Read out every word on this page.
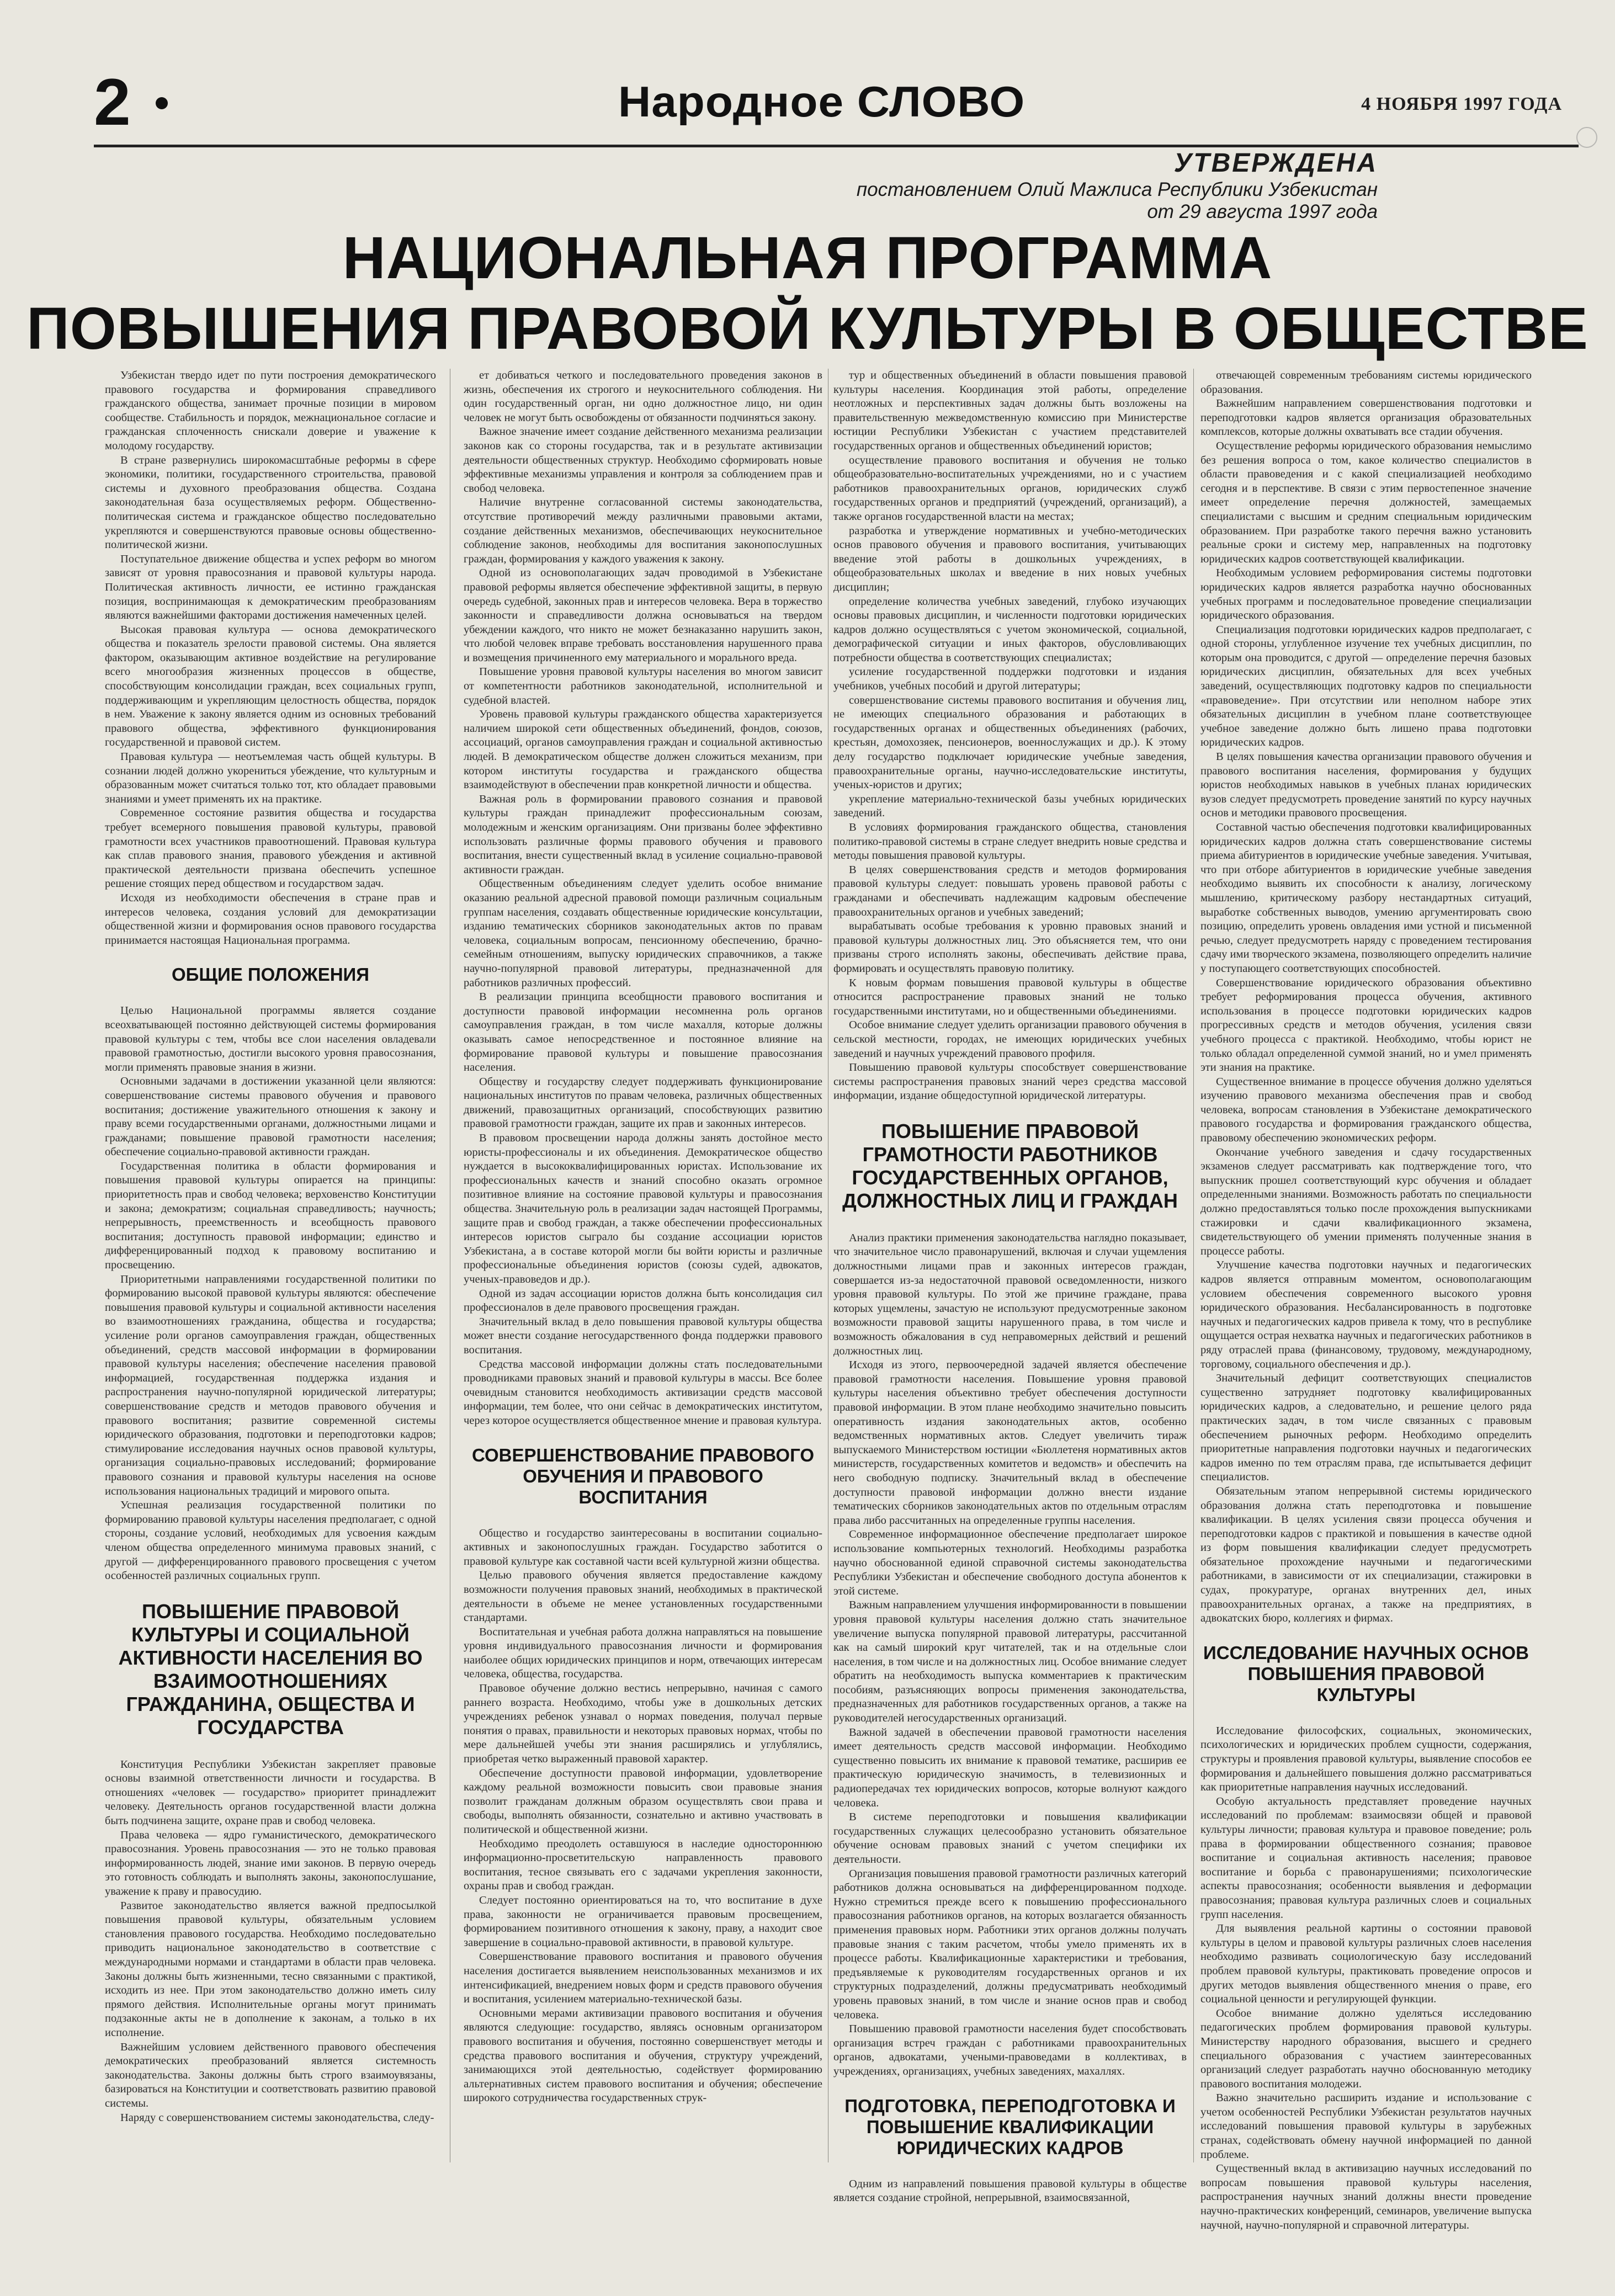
2	Народное СЛОВО	4 НОЯБРЯ 1997 ГОДА
УТВЕРЖДЕНА
постановлением Олий Мажлиса Республики Узбекистан
от 29 августа 1997 года
НАЦИОНАЛЬНАЯ ПРОГРАММА
ПОВЫШЕНИЯ ПРАВОВОЙ КУЛЬТУРЫ В ОБЩЕСТВЕ

Узбекистан твердо идет по пути построения демократического правового государства и формирования справедливого гражданского общества, занимает прочные позиции в мировом сообществе. Стабильность и порядок, межнациональное согласие и гражданская сплоченность снискали доверие и уважение к молодому государству.

В стране развернулись широкомасштабные реформы в сфере экономики, политики, государственного строительства, правовой системы и духовного преобразования общества. Создана законодательная база осуществляемых реформ. Общественно-политическая система и гражданское общество последовательно укрепляются и совершенствуются правовые основы общественно-политической жизни.

Поступательное движение общества и успех реформ во многом зависят от уровня правосознания и правовой культуры народа. Политическая активность личности, ее истинно гражданская позиция, воспринимающая к демократическим преобразованиям являются важнейшими факторами достижения намеченных целей.

Высокая правовая культура — основа демократического общества и показатель зрелости правовой системы. Она является фактором, оказывающим активное воздействие на регулирование всего многообразия жизненных процессов в обществе, способствующим консолидации граждан, всех социальных групп, поддерживающим и укрепляющим целостность общества, порядок в нем. Уважение к закону является одним из основных требований правового общества, эффективного функционирования государственной и правовой систем.

Правовая культура — неотъемлемая часть общей культуры. В сознании людей должно укорениться убеждение, что культурным и образованным может считаться только тот, кто обладает правовыми знаниями и умеет применять их на практике.

Современное состояние развития общества и государства требует всемерного повышения правовой культуры, правовой грамотности всех участников правоотношений. Правовая культура как сплав правового знания, правового убеждения и активной практической деятельности призвана обеспечить успешное решение стоящих перед обществом и государством задач.

Исходя из необходимости обеспечения в стране прав и интересов человека, создания условий для демократизации общественной жизни и формирования основ правового государства принимается настоящая Национальная программа.

ОБЩИЕ ПОЛОЖЕНИЯ

Целью Национальной программы является создание всеохватывающей постоянно действующей системы формирования правовой культуры с тем, чтобы все слои населения овладевали правовой грамотностью, достигли высокого уровня правосознания, могли применять правовые знания в жизни.

Основными задачами в достижении указанной цели являются: совершенствование системы правового обучения и правового воспитания; достижение уважительного отношения к закону и праву всеми государственными органами, должностными лицами и гражданами; повышение правовой грамотности населения; обеспечение социально-правовой активности граждан.

Государственная политика в области формирования и повышения правовой культуры опирается на принципы: приоритетность прав и свобод человека; верховенство Конституции и закона; демократизм; социальная справедливость; научность; непрерывность, преемственность и всеобщность правового воспитания; доступность правовой информации; единство и дифференцированный подход к правовому воспитанию и просвещению.

Приоритетными направлениями государственной политики по формированию высокой правовой культуры являются: обеспечение повышения правовой культуры и социальной активности населения во взаимоотношениях гражданина, общества и государства; усиление роли органов самоуправления граждан, общественных объединений, средств массовой информации в формировании правовой культуры населения; обеспечение населения правовой информацией, государственная поддержка издания и распространения научно-популярной юридической литературы; совершенствование средств и методов правового обучения и правового воспитания; развитие современной системы юридического образования, подготовки и переподготовки кадров; стимулирование исследования научных основ правовой культуры, организация социально-правовых исследований; формирование правового сознания и правовой культуры населения на основе использования национальных традиций и мирового опыта.

Успешная реализация государственной политики по формированию правовой культуры населения предполагает, с одной стороны, создание условий, необходимых для усвоения каждым членом общества определенного минимума правовых знаний, с другой — дифференцированного правового просвещения с учетом особенностей различных социальных групп.

ПОВЫШЕНИЕ ПРАВОВОЙ КУЛЬТУРЫ И СОЦИАЛЬНОЙ АКТИВНОСТИ НАСЕЛЕНИЯ ВО ВЗАИМООТНОШЕНИЯХ ГРАЖДАНИНА, ОБЩЕСТВА И ГОСУДАРСТВА

Конституция Республики Узбекистан закрепляет правовые основы взаимной ответственности личности и государства. В отношениях «человек — государство» приоритет принадлежит человеку. Деятельность органов государственной власти должна быть подчинена защите, охране прав и свобод человека.

Права человека — ядро гуманистического, демократического правосознания. Уровень правосознания — это не только правовая информированность людей, знание ими законов. В первую очередь это готовность соблюдать и выполнять законы, законопослушание, уважение к праву и правосудию.

Развитое законодательство является важной предпосылкой повышения правовой культуры, обязательным условием становления правового государства. Необходимо последовательно приводить национальное законодательство в соответствие с международными нормами и стандартами в области прав человека. Законы должны быть жизненными, тесно связанными с практикой, исходить из нее. При этом законодательство должно иметь силу прямого действия. Исполнительные органы могут принимать подзаконные акты не в дополнение к законам, а только в их исполнение.

Важнейшим условием действенного правового обеспечения демократических преобразований является системность законодательства. Законы должны быть строго взаимоувязаны, базироваться на Конституции и соответствовать развитию правовой системы.

Наряду с совершенствованием системы законодательства, следу-

ет добиваться четкого и последовательного проведения законов в жизнь, обеспечения их строгого и неукоснительного соблюдения. Ни один государственный орган, ни одно должностное лицо, ни один человек не могут быть освобождены от обязанности подчиняться закону.

Важное значение имеет создание действенного механизма реализации законов как со стороны государства, так и в результате активизации деятельности общественных структур. Необходимо сформировать новые эффективные механизмы управления и контроля за соблюдением прав и свобод человека.

Наличие внутренне согласованной системы законодательства, отсутствие противоречий между различными правовыми актами, создание действенных механизмов, обеспечивающих неукоснительное соблюдение законов, необходимы для воспитания законопослушных граждан, формирования у каждого уважения к закону.

Одной из основополагающих задач проводимой в Узбекистане правовой реформы является обеспечение эффективной защиты, в первую очередь судебной, законных прав и интересов человека. Вера в торжество законности и справедливости должна основываться на твердом убеждении каждого, что никто не может безнаказанно нарушить закон, что любой человек вправе требовать восстановления нарушенного права и возмещения причиненного ему материального и морального вреда.

Повышение уровня правовой культуры населения во многом зависит от компетентности работников законодательной, исполнительной и судебной властей.

Уровень правовой культуры гражданского общества характеризуется наличием широкой сети общественных объединений, фондов, союзов, ассоциаций, органов самоуправления граждан и социальной активностью людей. В демократическом обществе должен сложиться механизм, при котором институты государства и гражданского общества взаимодействуют в обеспечении прав конкретной личности и общества.

Важная роль в формировании правового сознания и правовой культуры граждан принадлежит профессиональным союзам, молодежным и женским организациям. Они призваны более эффективно использовать различные формы правового обучения и правового воспитания, внести существенный вклад в усиление социально-правовой активности граждан.

Общественным объединениям следует уделить особое внимание оказанию реальной адресной правовой помощи различным социальным группам населения, создавать общественные юридические консультации, изданию тематических сборников законодательных актов по правам человека, социальным вопросам, пенсионному обеспечению, брачно-семейным отношениям, выпуску юридических справочников, а также научно-популярной правовой литературы, предназначенной для работников различных профессий.

В реализации принципа всеобщности правового воспитания и доступности правовой информации несомненна роль органов самоуправления граждан, в том числе махалля, которые должны оказывать самое непосредственное и постоянное влияние на формирование правовой культуры и повышение правосознания населения.

Обществу и государству следует поддерживать функционирование национальных институтов по правам человека, различных общественных движений, правозащитных организаций, способствующих развитию правовой грамотности граждан, защите их прав и законных интересов.

В правовом просвещении народа должны занять достойное место юристы-профессионалы и их объединения. Демократическое общество нуждается в высококвалифицированных юристах. Использование их профессиональных качеств и знаний способно оказать огромное позитивное влияние на состояние правовой культуры и правосознания общества. Значительную роль в реализации задач настоящей Программы, защите прав и свобод граждан, а также обеспечении профессиональных интересов юристов сыграло бы создание ассоциации юристов Узбекистана, а в составе которой могли бы войти юристы и различные профессиональные объединения юристов (союзы судей, адвокатов, ученых-правоведов и др.).

Одной из задач ассоциации юристов должна быть консолидация сил профессионалов в деле правового просвещения граждан.

Значительный вклад в дело повышения правовой культуры общества может внести создание негосударственного фонда поддержки правового воспитания.

Средства массовой информации должны стать последовательными проводниками правовых знаний и правовой культуры в массы. Все более очевидным становится необходимость активизации средств массовой информации, тем более, что они сейчас в демократических институтом, через которое осуществляется общественное мнение и правовая культура.

СОВЕРШЕНСТВОВАНИЕ ПРАВОВОГО ОБУЧЕНИЯ И ПРАВОВОГО ВОСПИТАНИЯ

Общество и государство заинтересованы в воспитании социально-активных и законопослушных граждан. Государство заботится о правовой культуре как составной части всей культурной жизни общества.

Целью правового обучения является предоставление каждому возможности получения правовых знаний, необходимых в практической деятельности в объеме не менее установленных государственными стандартами.

Воспитательная и учебная работа должна направляться на повышение уровня индивидуального правосознания личности и формирования наиболее общих юридических принципов и норм, отвечающих интересам человека, общества, государства.

Правовое обучение должно вестись непрерывно, начиная с самого раннего возраста. Необходимо, чтобы уже в дошкольных детских учреждениях ребенок узнавал о нормах поведения, получал первые понятия о правах, правильности и некоторых правовых нормах, чтобы по мере дальнейшей учебы эти знания расширялись и углублялись, приобретая четко выраженный правовой характер.

Обеспечение доступности правовой информации, удовлетворение каждому реальной возможности повысить свои правовые знания позволит гражданам должным образом осуществлять свои права и свободы, выполнять обязанности, сознательно и активно участвовать в политической и общественной жизни.

Необходимо преодолеть оставшуюся в наследие одностороннюю информационно-просветительскую направленность правового воспитания, тесное связывать его с задачами укрепления законности, охраны прав и свобод граждан.

Следует постоянно ориентироваться на то, что воспитание в духе права, законности не ограничивается правовым просвещением, формированием позитивного отношения к закону, праву, а находит свое завершение в социально-правовой активности, в правовой культуре.

Совершенствование правового воспитания и правового обучения населения достигается выявлением неиспользованных механизмов и их интенсификацией, внедрением новых форм и средств правового обучения и воспитания, усилением материально-технической базы.

Основными мерами активизации правового воспитания и обучения являются следующие: государство, являясь основным организатором правового воспитания и обучения, постоянно совершенствует методы и средства правового воспитания и обучения, структуру учреждений, занимающихся этой деятельностью, содействует формированию альтернативных систем правового воспитания и обучения; обеспечение широкого сотрудничества государственных струк-

тур и общественных объединений в области повышения правовой культуры населения. Координация этой работы, определение неотложных и перспективных задач должны быть возложены на правительственную межведомственную комиссию при Министерстве юстиции Республики Узбекистан с участием представителей государственных органов и общественных объединений юристов;

осуществление правового воспитания и обучения не только общеобразовательно-воспитательных учреждениями, но и с участием работников правоохранительных органов, юридических служб государственных органов и предприятий (учреждений, организаций), а также органов государственной власти на местах;

разработка и утверждение нормативных и учебно-методических основ правового обучения и правового воспитания, учитывающих введение этой работы в дошкольных учреждениях, в общеобразовательных школах и введение в них новых учебных дисциплин;

определение количества учебных заведений, глубоко изучающих основы правовых дисциплин, и численности подготовки юридических кадров должно осуществляться с учетом экономической, социальной, демографической ситуации и иных факторов, обусловливающих потребности общества в соответствующих специалистах;

усиление государственной поддержки подготовки и издания учебников, учебных пособий и другой литературы;

совершенствование системы правового воспитания и обучения лиц, не имеющих специального образования и работающих в государственных органах и общественных объединениях (рабочих, крестьян, домохозяек, пенсионеров, военнослужащих и др.). К этому делу государство подключает юридические учебные заведения, правоохранительные органы, научно-исследовательские институты, ученых-юристов и других;

укрепление материально-технической базы учебных юридических заведений.

В условиях формирования гражданского общества, становления политико-правовой системы в стране следует внедрить новые средства и методы повышения правовой культуры.

В целях совершенствования средств и методов формирования правовой культуры следует: повышать уровень правовой работы с гражданами и обеспечивать надлежащим кадровым обеспечение правоохранительных органов и учебных заведений;

вырабатывать особые требования к уровню правовых знаний и правовой культуры должностных лиц. Это объясняется тем, что они призваны строго исполнять законы, обеспечивать действие права, формировать и осуществлять правовую политику.

К новым формам повышения правовой культуры в обществе относится распространение правовых знаний не только государственными институтами, но и общественными объединениями.

Особое внимание следует уделить организации правового обучения в сельской местности, городах, не имеющих юридических учебных заведений и научных учреждений правового профиля.

Повышению правовой культуры способствует совершенствование системы распространения правовых знаний через средства массовой информации, издание общедоступной юридической литературы.

ПОВЫШЕНИЕ ПРАВОВОЙ ГРАМОТНОСТИ РАБОТНИКОВ ГОСУДАРСТВЕННЫХ ОРГАНОВ, ДОЛЖНОСТНЫХ ЛИЦ И ГРАЖДАН

Анализ практики применения законодательства наглядно показывает, что значительное число правонарушений, включая и случаи ущемления должностными лицами прав и законных интересов граждан, совершается из-за недостаточной правовой осведомленности, низкого уровня правовой культуры. По этой же причине граждане, права которых ущемлены, зачастую не используют предусмотренные законом возможности правовой защиты нарушенного права, в том числе и возможность обжалования в суд неправомерных действий и решений должностных лиц.

Исходя из этого, первоочередной задачей является обеспечение правовой грамотности населения. Повышение уровня правовой культуры населения объективно требует обеспечения доступности правовой информации. В этом плане необходимо значительно повысить оперативность издания законодательных актов, особенно ведомственных нормативных актов. Следует увеличить тираж выпускаемого Министерством юстиции «Бюллетеня нормативных актов министерств, государственных комитетов и ведомств» и обеспечить на него свободную подписку. Значительный вклад в обеспечение доступности правовой информации должно внести издание тематических сборников законодательных актов по отдельным отраслям права либо рассчитанных на определенные группы населения.

Современное информационное обеспечение предполагает широкое использование компьютерных технологий. Необходимы разработка научно обоснованной единой справочной системы законодательства Республики Узбекистан и обеспечение свободного доступа абонентов к этой системе.

Важным направлением улучшения информированности в повышении уровня правовой культуры населения должно стать значительное увеличение выпуска популярной правовой литературы, рассчитанной как на самый широкий круг читателей, так и на отдельные слои населения, в том числе и на должностных лиц. Особое внимание следует обратить на необходимость выпуска комментариев к практическим пособиям, разъясняющих вопросы применения законодательства, предназначенных для работников государственных органов, а также на руководителей негосударственных организаций.

Важной задачей в обеспечении правовой грамотности населения имеет деятельность средств массовой информации. Необходимо существенно повысить их внимание к правовой тематике, расширив ее практическую юридическую значимость, в телевизионных и радиопередачах тех юридических вопросов, которые волнуют каждого человека.

В системе переподготовки и повышения квалификации государственных служащих целесообразно установить обязательное обучение основам правовых знаний с учетом специфики их деятельности.

Организация повышения правовой грамотности различных категорий работников должна основываться на дифференцированном подходе. Нужно стремиться прежде всего к повышению профессионального правосознания работников органов, на которых возлагается обязанность применения правовых норм. Работники этих органов должны получать правовые знания с таким расчетом, чтобы умело применять их в процессе работы. Квалификационные характеристики и требования, предъявляемые к руководителям государственных органов и их структурных подразделений, должны предусматривать необходимый уровень правовых знаний, в том числе и знание основ прав и свобод человека.

Повышению правовой грамотности населения будет способствовать организация встреч граждан с работниками правоохранительных органов, адвокатами, учеными-правоведами в коллективах, в учреждениях, организациях, учебных заведениях, махаллях.

ПОДГОТОВКА, ПЕРЕПОДГОТОВКА И ПОВЫШЕНИЕ КВАЛИФИКАЦИИ ЮРИДИЧЕСКИХ КАДРОВ

Одним из направлений повышения правовой культуры в обществе является создание стройной, непрерывной, взаимосвязанной,

отвечающей современным требованиям системы юридического образования.

Важнейшим направлением совершенствования подготовки и переподготовки кадров является организация образовательных комплексов, которые должны охватывать все стадии обучения.

Осуществление реформы юридического образования немыслимо без решения вопроса о том, какое количество специалистов в области правоведения и с какой специализацией необходимо сегодня и в перспективе. В связи с этим первостепенное значение имеет определение перечня должностей, замещаемых специалистами с высшим и средним специальным юридическим образованием. При разработке такого перечня важно установить реальные сроки и систему мер, направленных на подготовку юридических кадров соответствующей квалификации.

Необходимым условием реформирования системы подготовки юридических кадров является разработка научно обоснованных учебных программ и последовательное проведение специализации юридического образования.

Специализация подготовки юридических кадров предполагает, с одной стороны, углубленное изучение тех учебных дисциплин, по которым она проводится, с другой — определение перечня базовых юридических дисциплин, обязательных для всех учебных заведений, осуществляющих подготовку кадров по специальности «правоведение». При отсутствии или неполном наборе этих обязательных дисциплин в учебном плане соответствующее учебное заведение должно быть лишено права подготовки юридических кадров.

В целях повышения качества организации правового обучения и правового воспитания населения, формирования у будущих юристов необходимых навыков в учебных планах юридических вузов следует предусмотреть проведение занятий по курсу научных основ и методики правового просвещения.

Составной частью обеспечения подготовки квалифицированных юридических кадров должна стать совершенствование системы приема абитуриентов в юридические учебные заведения. Учитывая, что при отборе абитуриентов в юридические учебные заведения необходимо выявить их способности к анализу, логическому мышлению, критическому разбору нестандартных ситуаций, выработке собственных выводов, умению аргументировать свою позицию, определить уровень овладения ими устной и письменной речью, следует предусмотреть наряду с проведением тестирования сдачу ими творческого экзамена, позволяющего определить наличие у поступающего соответствующих способностей.

Совершенствование юридического образования объективно требует реформирования процесса обучения, активного использования в процессе подготовки юридических кадров прогрессивных средств и методов обучения, усиления связи учебного процесса с практикой. Необходимо, чтобы юрист не только обладал определенной суммой знаний, но и умел применять эти знания на практике.

Существенное внимание в процессе обучения должно уделяться изучению правового механизма обеспечения прав и свобод человека, вопросам становления в Узбекистане демократического правового государства и формирования гражданского общества, правовому обеспечению экономических реформ.

Окончание учебного заведения и сдачу государственных экзаменов следует рассматривать как подтверждение того, что выпускник прошел соответствующий курс обучения и обладает определенными знаниями. Возможность работать по специальности должно предоставляться только после прохождения выпускниками стажировки и сдачи квалификационного экзамена, свидетельствующего об умении применять полученные знания в процессе работы.

Улучшение качества подготовки научных и педагогических кадров является отправным моментом, основополагающим условием обеспечения современного высокого уровня юридического образования. Несбалансированность в подготовке научных и педагогических кадров привела к тому, что в республике ощущается острая нехватка научных и педагогических работников в ряду отраслей права (финансовому, трудовому, международному, торговому, социального обеспечения и др.).

Значительный дефицит соответствующих специалистов существенно затрудняет подготовку квалифицированных юридических кадров, а следовательно, и решение целого ряда практических задач, в том числе связанных с правовым обеспечением рыночных реформ. Необходимо определить приоритетные направления подготовки научных и педагогических кадров именно по тем отраслям права, где испытывается дефицит специалистов.

Обязательным этапом непрерывной системы юридического образования должна стать переподготовка и повышение квалификации. В целях усиления связи процесса обучения и переподготовки кадров с практикой и повышения в качестве одной из форм повышения квалификации следует предусмотреть обязательное прохождение научными и педагогическими работниками, в зависимости от их специализации, стажировки в судах, прокуратуре, органах внутренних дел, иных правоохранительных органах, а также на предприятиях, в адвокатских бюро, коллегиях и фирмах.

ИССЛЕДОВАНИЕ НАУЧНЫХ ОСНОВ ПОВЫШЕНИЯ ПРАВОВОЙ КУЛЬТУРЫ

Исследование философских, социальных, экономических, психологических и юридических проблем сущности, содержания, структуры и проявления правовой культуры, выявление способов ее формирования и дальнейшего повышения должно рассматриваться как приоритетные направления научных исследований.

Особую актуальность представляет проведение научных исследований по проблемам: взаимосвязи общей и правовой культуры личности; правовая культура и правовое поведение; роль права в формировании общественного сознания; правовое воспитание и социальная активность населения; правовое воспитание и борьба с правонарушениями; психологические аспекты правосознания; особенности выявления и деформации правосознания; правовая культура различных слоев и социальных групп населения.

Для выявления реальной картины о состоянии правовой культуры в целом и правовой культуры различных слоев населения необходимо развивать социологическую базу исследований проблем правовой культуры, практиковать проведение опросов и других методов выявления общественного мнения о праве, его социальной ценности и регулирующей функции.

Особое внимание должно уделяться исследованию педагогических проблем формирования правовой культуры. Министерству народного образования, высшего и среднего специального образования с участием заинтересованных организаций следует разработать научно обоснованную методику правового воспитания молодежи.

Важно значительно расширить издание и использование с учетом особенностей Республики Узбекистан результатов научных исследований повышения правовой культуры в зарубежных странах, содействовать обмену научной информацией по данной проблеме.

Существенный вклад в активизацию научных исследований по вопросам повышения правовой культуры населения, распространения научных знаний должны внести проведение научно-практических конференций, семинаров, увеличение выпуска научной, научно-популярной и справочной литературы.
